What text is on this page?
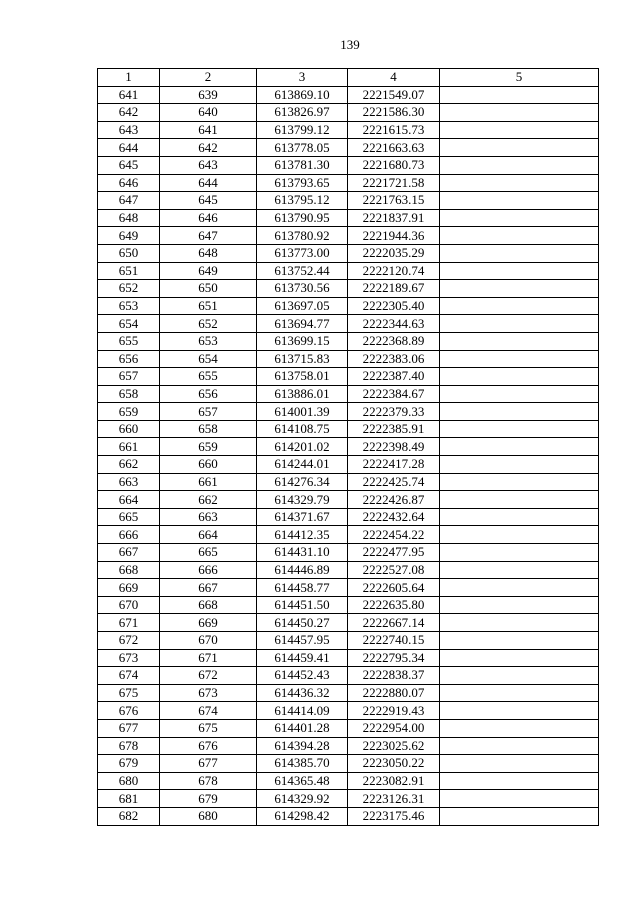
139
1	2	3	4	5
641	639	613869.10	2221549.07	
642	640	613826.97	2221586.30	
643	641	613799.12	2221615.73	
644	642	613778.05	2221663.63	
645	643	613781.30	2221680.73	
646	644	613793.65	2221721.58	
647	645	613795.12	2221763.15	
648	646	613790.95	2221837.91	
649	647	613780.92	2221944.36	
650	648	613773.00	2222035.29	
651	649	613752.44	2222120.74	
652	650	613730.56	2222189.67	
653	651	613697.05	2222305.40	
654	652	613694.77	2222344.63	
655	653	613699.15	2222368.89	
656	654	613715.83	2222383.06	
657	655	613758.01	2222387.40	
658	656	613886.01	2222384.67	
659	657	614001.39	2222379.33	
660	658	614108.75	2222385.91	
661	659	614201.02	2222398.49	
662	660	614244.01	2222417.28	
663	661	614276.34	2222425.74	
664	662	614329.79	2222426.87	
665	663	614371.67	2222432.64	
666	664	614412.35	2222454.22	
667	665	614431.10	2222477.95	
668	666	614446.89	2222527.08	
669	667	614458.77	2222605.64	
670	668	614451.50	2222635.80	
671	669	614450.27	2222667.14	
672	670	614457.95	2222740.15	
673	671	614459.41	2222795.34	
674	672	614452.43	2222838.37	
675	673	614436.32	2222880.07	
676	674	614414.09	2222919.43	
677	675	614401.28	2222954.00	
678	676	614394.28	2223025.62	
679	677	614385.70	2223050.22	
680	678	614365.48	2223082.91	
681	679	614329.92	2223126.31	
682	680	614298.42	2223175.46	
